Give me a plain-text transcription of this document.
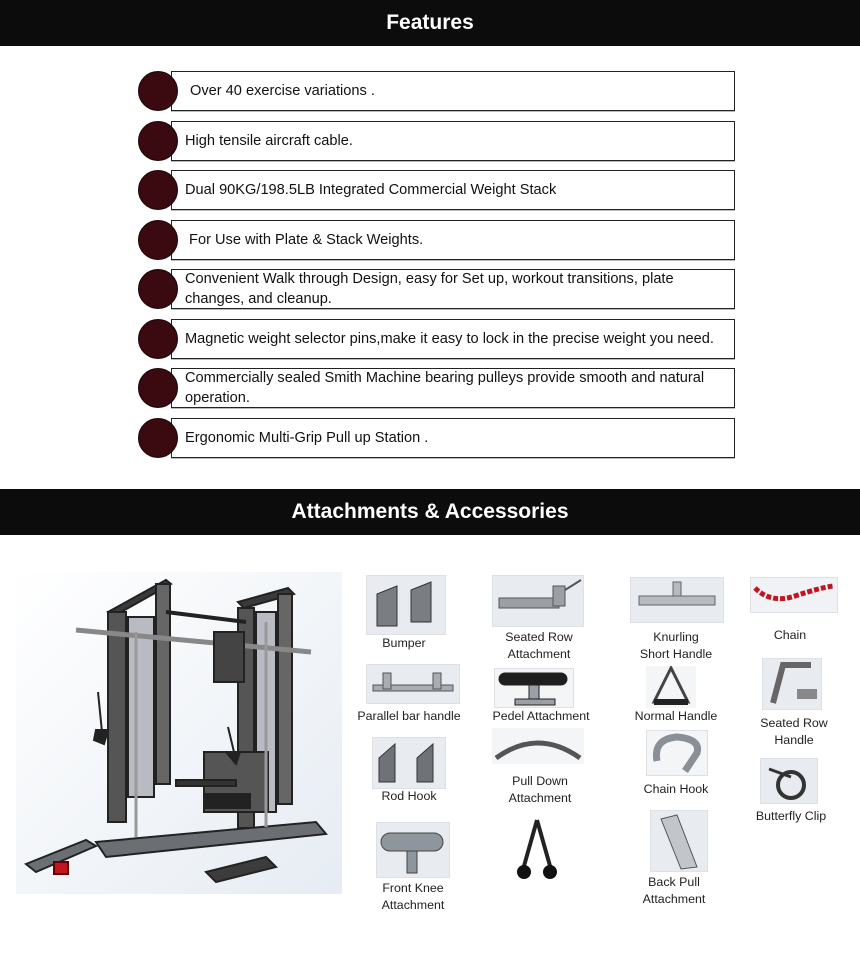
Features
Over 40 exercise variations .
High tensile aircraft cable.
Dual 90KG/198.5LB Integrated Commercial Weight Stack
For Use with Plate & Stack Weights.
Convenient Walk through Design, easy for Set up, workout transitions, plate changes, and cleanup.
Magnetic weight selector pins,make it easy to lock in the precise weight you need.
Commercially sealed Smith Machine bearing pulleys provide smooth and natural operation.
Ergonomic Multi-Grip Pull up Station .
Attachments & Accessories
Bumper	Seated Row
Attachment
Knurling
Short Handle
Chain
Parallel bar handle	Pedel Attachment	Normal Handle	Seated Row
Handle
Rod Hook
Pull Down
Attachment
Chain Hook
Butterfly Clip
Front Knee
Attachment
Back Pull
Attachment
